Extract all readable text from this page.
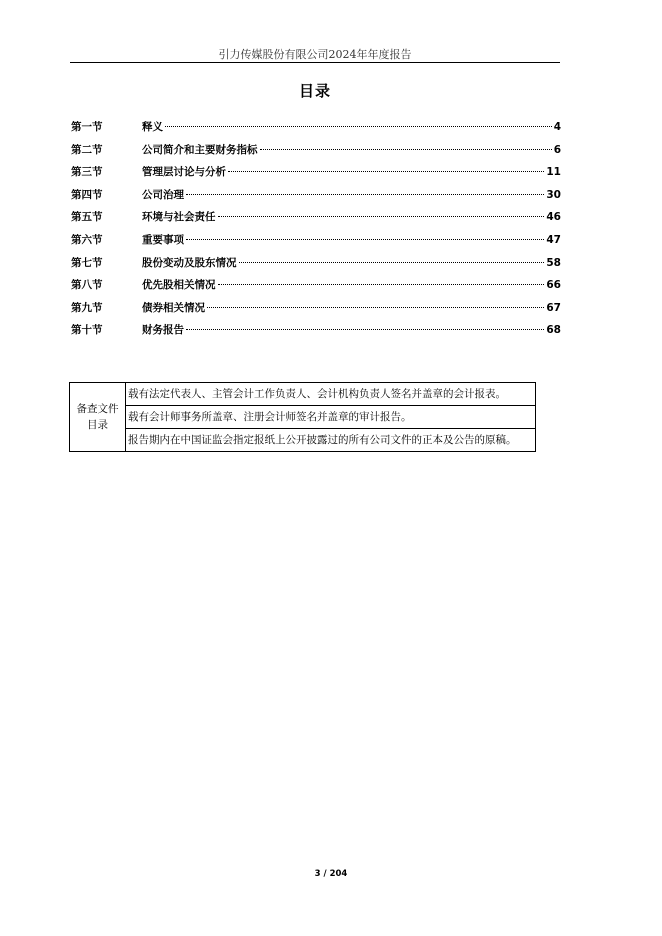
引力传媒股份有限公司2024年年度报告
目录
第一节	释义	4
第二节	公司简介和主要财务指标	6
第三节	管理层讨论与分析	11
第四节	公司治理	30
第五节	环境与社会责任	46
第六节	重要事项	47
第七节	股份变动及股东情况	58
第八节	优先股相关情况	66
第九节	债券相关情况	67
第十节	财务报告	68
备查文件
目录
	载有法定代表人、主管会计工作负责人、会计机构负责人签名并盖章的会计报表。
载有会计师事务所盖章、注册会计师签名并盖章的审计报告。
报告期内在中国证监会指定报纸上公开披露过的所有公司文件的正本及公告的原稿。
3 / 204
